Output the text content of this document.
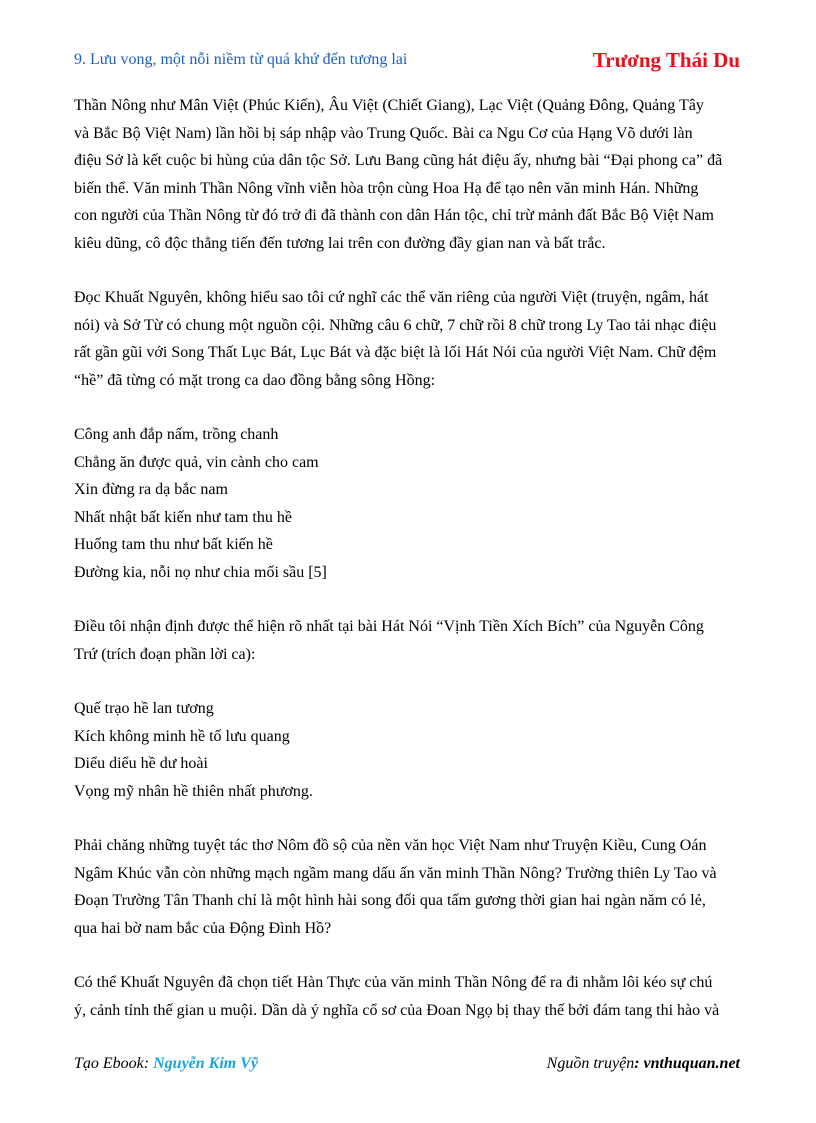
9. Lưu vong, một nỗi niềm từ quá khứ đến tương lai	Trương Thái Du
Thần Nông như Mân Việt (Phúc Kiến), Âu Việt (Chiết Giang), Lạc Việt (Quảng Đông, Quảng Tây
và Bắc Bộ Việt Nam) lần hồi bị sáp nhập vào Trung Quốc. Bài ca Ngu Cơ của Hạng Võ dưới làn
điệu Sở là kết cuộc bi hùng của dân tộc Sở. Lưu Bang cũng hát điệu ấy, nhưng bài “Đại phong ca” đã
biến thể. Văn minh Thần Nông vĩnh viễn hòa trộn cùng Hoa Hạ để tạo nên văn minh Hán. Những
con người của Thần Nông từ đó trở đi đã thành con dân Hán tộc, chỉ trừ mảnh đất Bắc Bộ Việt Nam
kiêu dũng, cô độc thẳng tiến đến tương lai trên con đường đầy gian nan và bất trắc.
Đọc Khuất Nguyên, không hiểu sao tôi cứ nghĩ các thể văn riêng của người Việt (truyện, ngâm, hát
nói) và Sở Từ có chung một nguồn cội. Những câu 6 chữ, 7 chữ rồi 8 chữ trong Ly Tao tải nhạc điệu
rất gần gũi với Song Thất Lục Bát, Lục Bát và đặc biệt là lối Hát Nói của người Việt Nam. Chữ đệm
“hề” đã từng có mặt trong ca dao đồng bằng sông Hồng:
Công anh đắp nấm, trồng chanh
Chẳng ăn được quả, vin cành cho cam
Xin đừng ra dạ bắc nam
Nhất nhật bất kiến như tam thu hề
Huống tam thu như bất kiến hề
Đường kia, nỗi nọ như chia mối sầu [5]
Điều tôi nhận định được thể hiện rõ nhất tại bài Hát Nói “Vịnh Tiền Xích Bích” của Nguyễn Công
Trứ (trích đoạn phần lời ca):
Quế trạo hề lan tương
Kích không minh hề tố lưu quang
Diểu diểu hề dư hoài
Vọng mỹ nhân hề thiên nhất phương.
Phải chăng những tuyệt tác thơ Nôm đồ sộ của nền văn học Việt Nam như Truyện Kiều, Cung Oán
Ngâm Khúc vẫn còn những mạch ngầm mang dấu ấn văn minh Thần Nông? Trường thiên Ly Tao và
Đoạn Trường Tân Thanh chỉ là một hình hài song đối qua tấm gương thời gian hai ngàn năm có lẻ,
qua hai bờ nam bắc của Động Đình Hồ?
Có thể Khuất Nguyên đã chọn tiết Hàn Thực của văn minh Thần Nông để ra đi nhằm lôi kéo sự chú
ý, cảnh tỉnh thế gian u muội. Dần dà ý nghĩa cổ sơ của Đoan Ngọ bị thay thế bởi đám tang thi hào và
Tạo Ebook: Nguyễn Kim Vỹ	Nguồn truyện: vnthuquan.net
